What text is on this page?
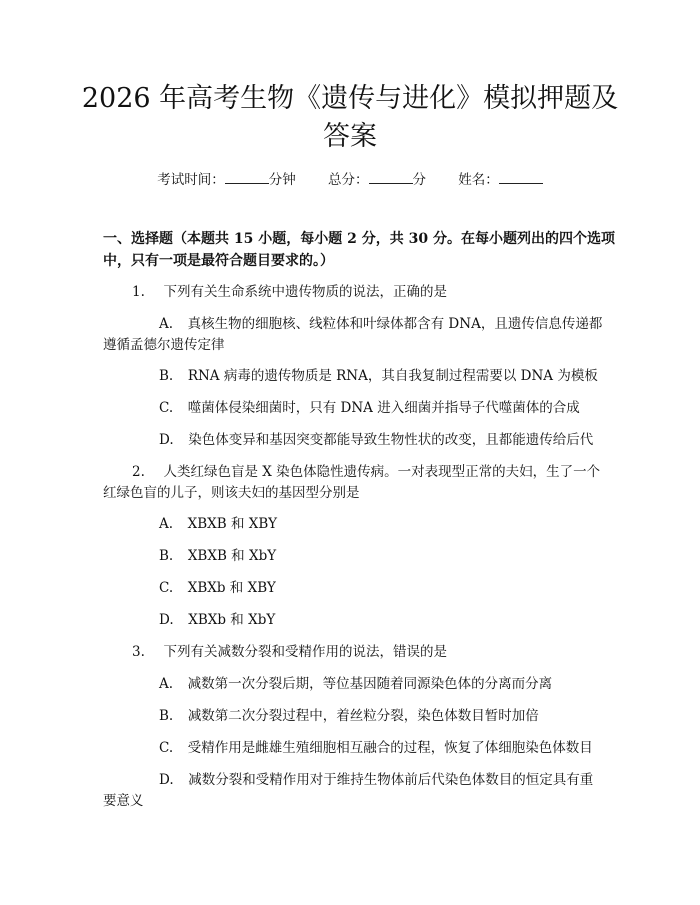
2026 年高考生物《遗传与进化》模拟押题及
答案
考试时间：	分钟 总分：	分 姓名：
一、选择题（本题共 15 小题，每小题 2 分，共 30 分。在每小题列出的四个选项
中，只有一项是最符合题目要求的。）
1. 下列有关生命系统中遗传物质的说法，正确的是
A. 真核生物的细胞核、线粒体和叶绿体都含有 DNA，且遗传信息传递都
遵循孟德尔遗传定律
B. RNA 病毒的遗传物质是 RNA，其自我复制过程需要以 DNA 为模板
C. 噬菌体侵染细菌时，只有 DNA 进入细菌并指导子代噬菌体的合成
D. 染色体变异和基因突变都能导致生物性状的改变，且都能遗传给后代
2. 人类红绿色盲是 X 染色体隐性遗传病。一对表现型正常的夫妇，生了一个
红绿色盲的儿子，则该夫妇的基因型分别是
A. XBXB 和 XBY
B. XBXB 和 XbY
C. XBXb 和 XBY
D. XBXb 和 XbY
3. 下列有关减数分裂和受精作用的说法，错误的是
A. 减数第一次分裂后期，等位基因随着同源染色体的分离而分离
B. 减数第二次分裂过程中，着丝粒分裂，染色体数目暂时加倍
C. 受精作用是雌雄生殖细胞相互融合的过程，恢复了体细胞染色体数目
D. 减数分裂和受精作用对于维持生物体前后代染色体数目的恒定具有重
要意义
